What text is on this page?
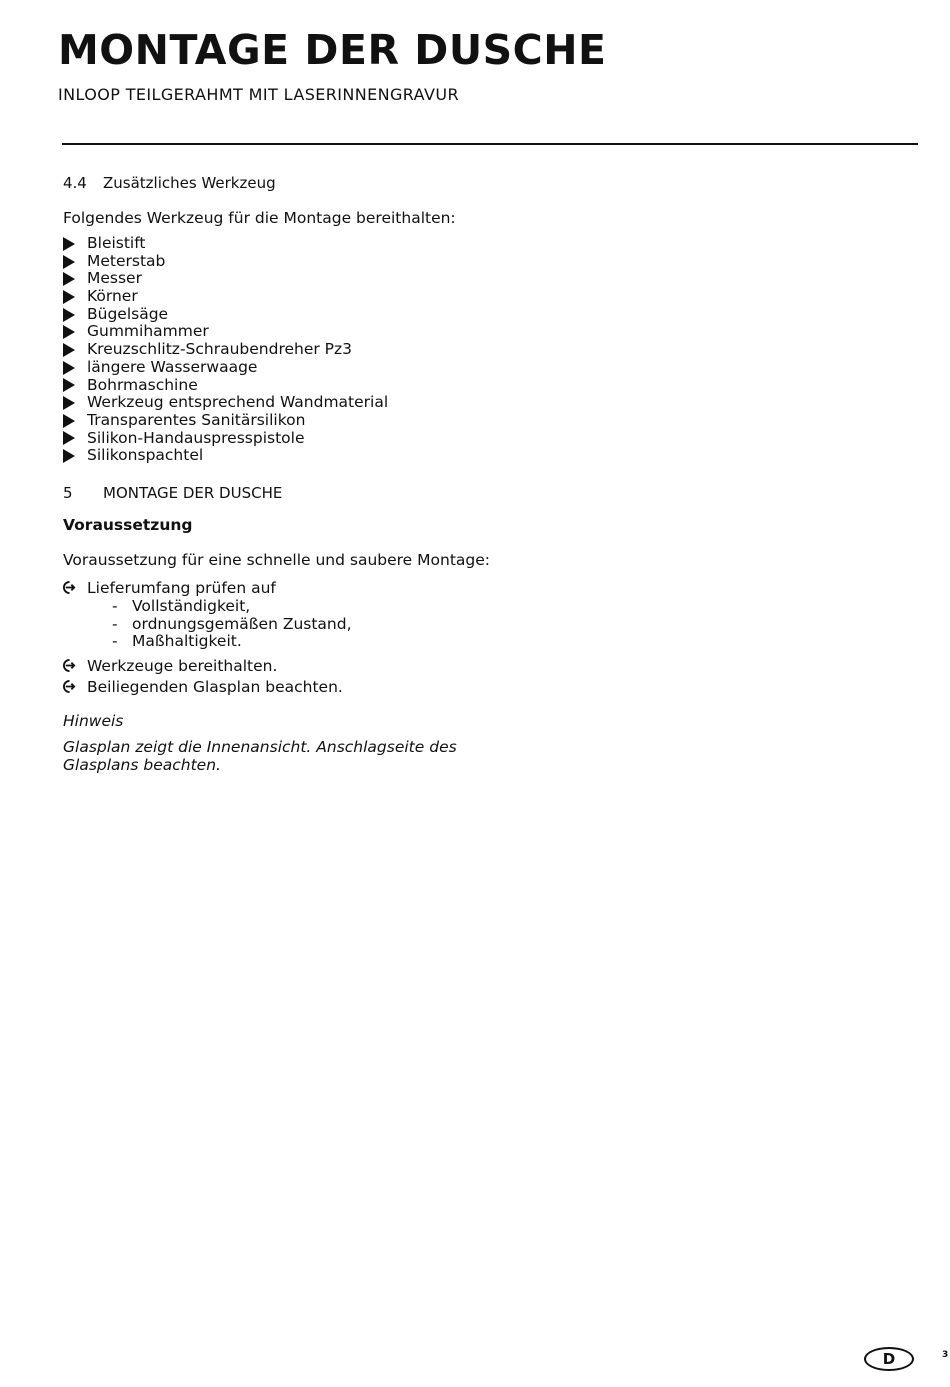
MONTAGE DER DUSCHE

INLOOP TEILGERAHMT MIT LASERINNENGRAVUR

4.4 Zusätzliches Werkzeug

Folgendes Werkzeug für die Montage bereithalten:

Bleistift
Meterstab
Messer
Körner
Bügelsäge
Gummihammer
Kreuzschlitz-Schraubendreher Pz3
längere Wasserwaage
Bohrmaschine
Werkzeug entsprechend Wandmaterial
Transparentes Sanitärsilikon
Silikon-Handauspresspistole
Silikonspachtel
5 MONTAGE DER DUSCHE

Voraussetzung

Voraussetzung für eine schnelle und saubere Montage:

Lieferumfang prüfen auf
- Vollständigkeit,
- ordnungsgemäßen Zustand,
- Maßhaltigkeit.
Werkzeuge bereithalten.
Beiliegenden Glasplan beachten.

Hinweis

Glasplan zeigt die Innenansicht. Anschlagseite des Glasplans beachten.

D	3
